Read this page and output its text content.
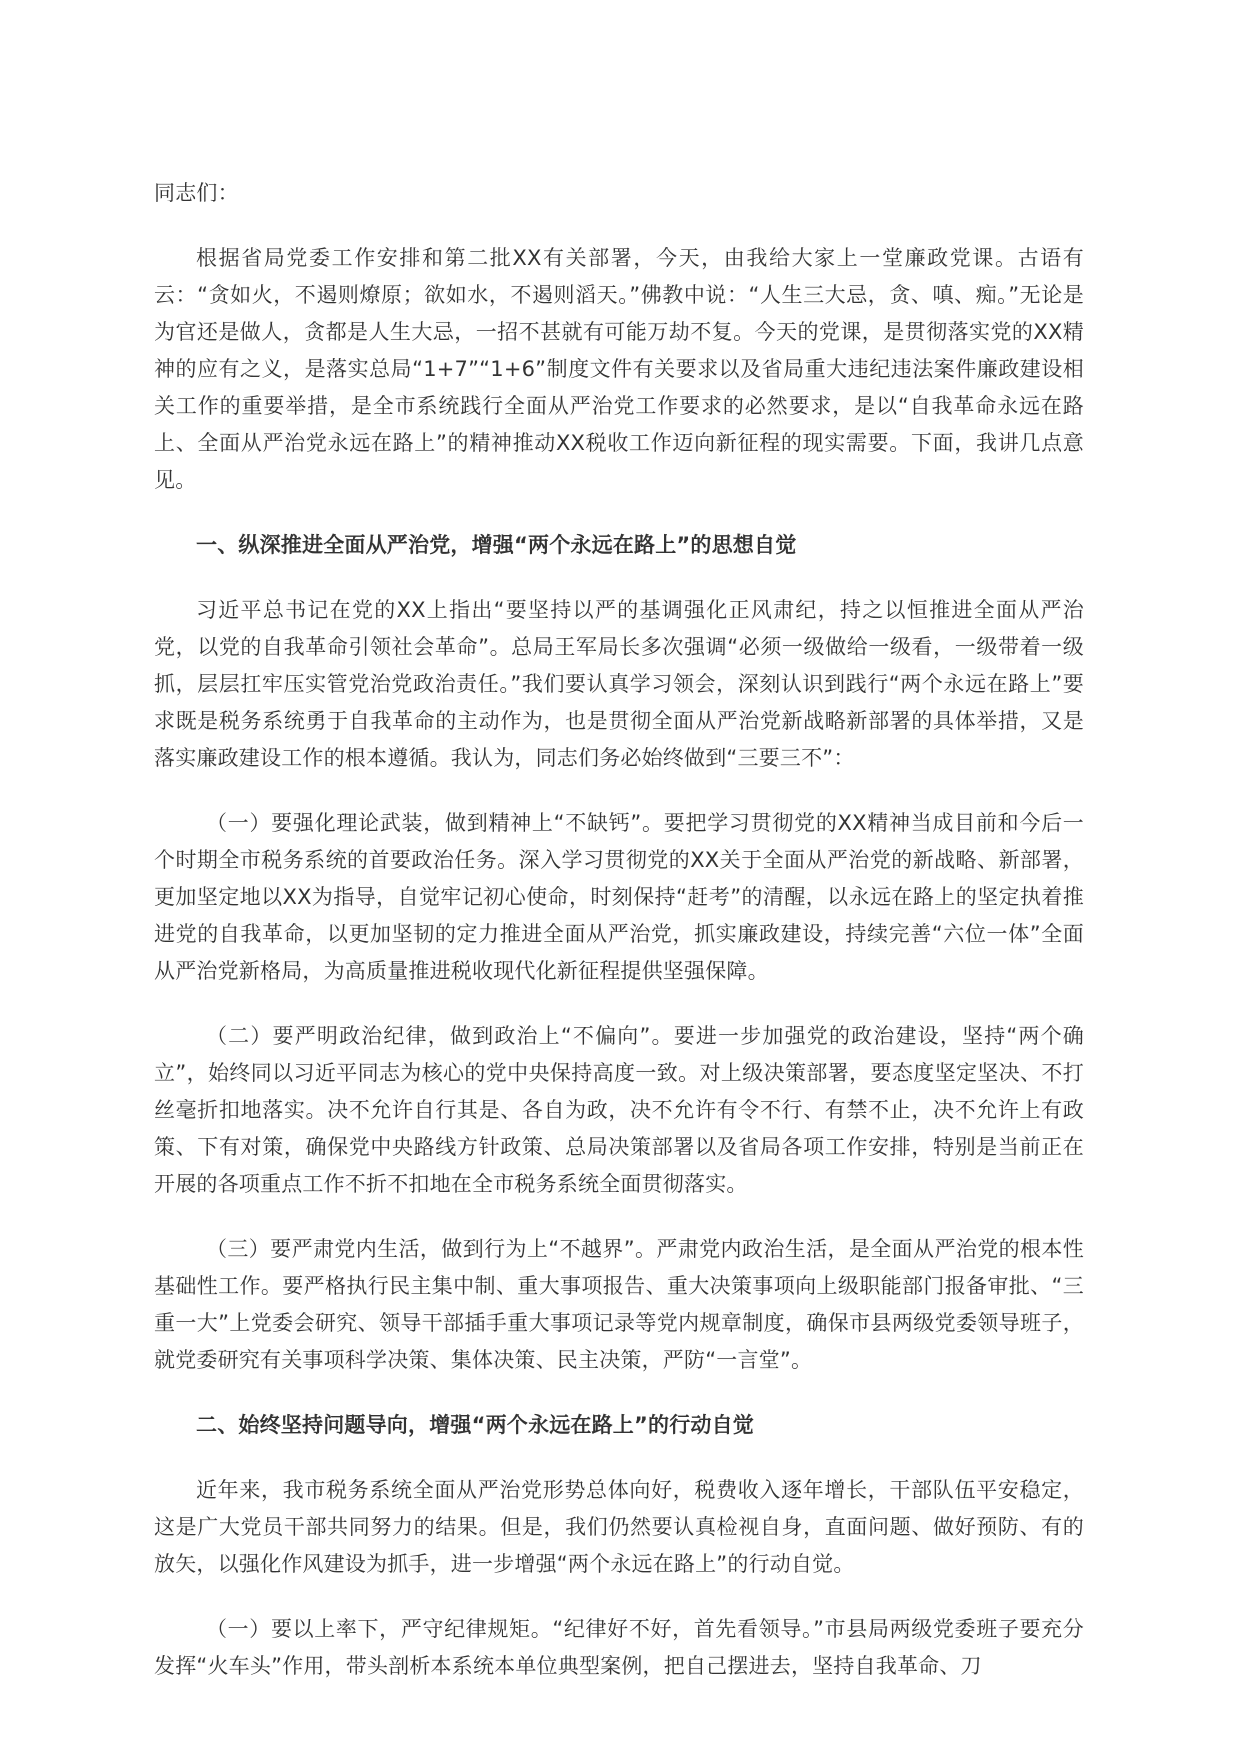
同志们：

根据省局党委工作安排和第二批XX有关部署，今天，由我给大家上一堂廉政党课。古语有云：“贪如火，不遏则燎原；欲如水，不遏则滔天。”佛教中说：“人生三大忌，贪、嗔、痴。”无论是为官还是做人，贪都是人生大忌，一招不甚就有可能万劫不复。今天的党课，是贯彻落实党的XX精神的应有之义，是落实总局“1+7”“1+6”制度文件有关要求以及省局重大违纪违法案件廉政建设相关工作的重要举措，是全市系统践行全面从严治党工作要求的必然要求，是以“自我革命永远在路上、全面从严治党永远在路上”的精神推动XX税收工作迈向新征程的现实需要。下面，我讲几点意见。

一、纵深推进全面从严治党，增强“两个永远在路上”的思想自觉

习近平总书记在党的XX上指出“要坚持以严的基调强化正风肃纪，持之以恒推进全面从严治党，以党的自我革命引领社会革命”。总局王军局长多次强调“必须一级做给一级看，一级带着一级抓，层层扛牢压实管党治党政治责任。”我们要认真学习领会，深刻认识到践行“两个永远在路上”要求既是税务系统勇于自我革命的主动作为，也是贯彻全面从严治党新战略新部署的具体举措，又是落实廉政建设工作的根本遵循。我认为，同志们务必始终做到“三要三不”：

（一）要强化理论武装，做到精神上“不缺钙”。要把学习贯彻党的XX精神当成目前和今后一个时期全市税务系统的首要政治任务。深入学习贯彻党的XX关于全面从严治党的新战略、新部署，更加坚定地以XX为指导，自觉牢记初心使命，时刻保持“赶考”的清醒，以永远在路上的坚定执着推进党的自我革命，以更加坚韧的定力推进全面从严治党，抓实廉政建设，持续完善“六位一体”全面从严治党新格局，为高质量推进税收现代化新征程提供坚强保障。

（二）要严明政治纪律，做到政治上“不偏向”。要进一步加强党的政治建设，坚持“两个确立”，始终同以习近平同志为核心的党中央保持高度一致。对上级决策部署，要态度坚定坚决、不打丝毫折扣地落实。决不允许自行其是、各自为政，决不允许有令不行、有禁不止，决不允许上有政策、下有对策，确保党中央路线方针政策、总局决策部署以及省局各项工作安排，特别是当前正在开展的各项重点工作不折不扣地在全市税务系统全面贯彻落实。

（三）要严肃党内生活，做到行为上“不越界”。严肃党内政治生活，是全面从严治党的根本性基础性工作。要严格执行民主集中制、重大事项报告、重大决策事项向上级职能部门报备审批、“三重一大”上党委会研究、领导干部插手重大事项记录等党内规章制度，确保市县两级党委领导班子，就党委研究有关事项科学决策、集体决策、民主决策，严防“一言堂”。

二、始终坚持问题导向，增强“两个永远在路上”的行动自觉

近年来，我市税务系统全面从严治党形势总体向好，税费收入逐年增长，干部队伍平安稳定，这是广大党员干部共同努力的结果。但是，我们仍然要认真检视自身，直面问题、做好预防、有的放矢，以强化作风建设为抓手，进一步增强“两个永远在路上”的行动自觉。

（一）要以上率下，严守纪律规矩。“纪律好不好，首先看领导。”市县局两级党委班子要充分发挥“火车头”作用，带头剖析本系统本单位典型案例，把自己摆进去，坚持自我革命、刀
